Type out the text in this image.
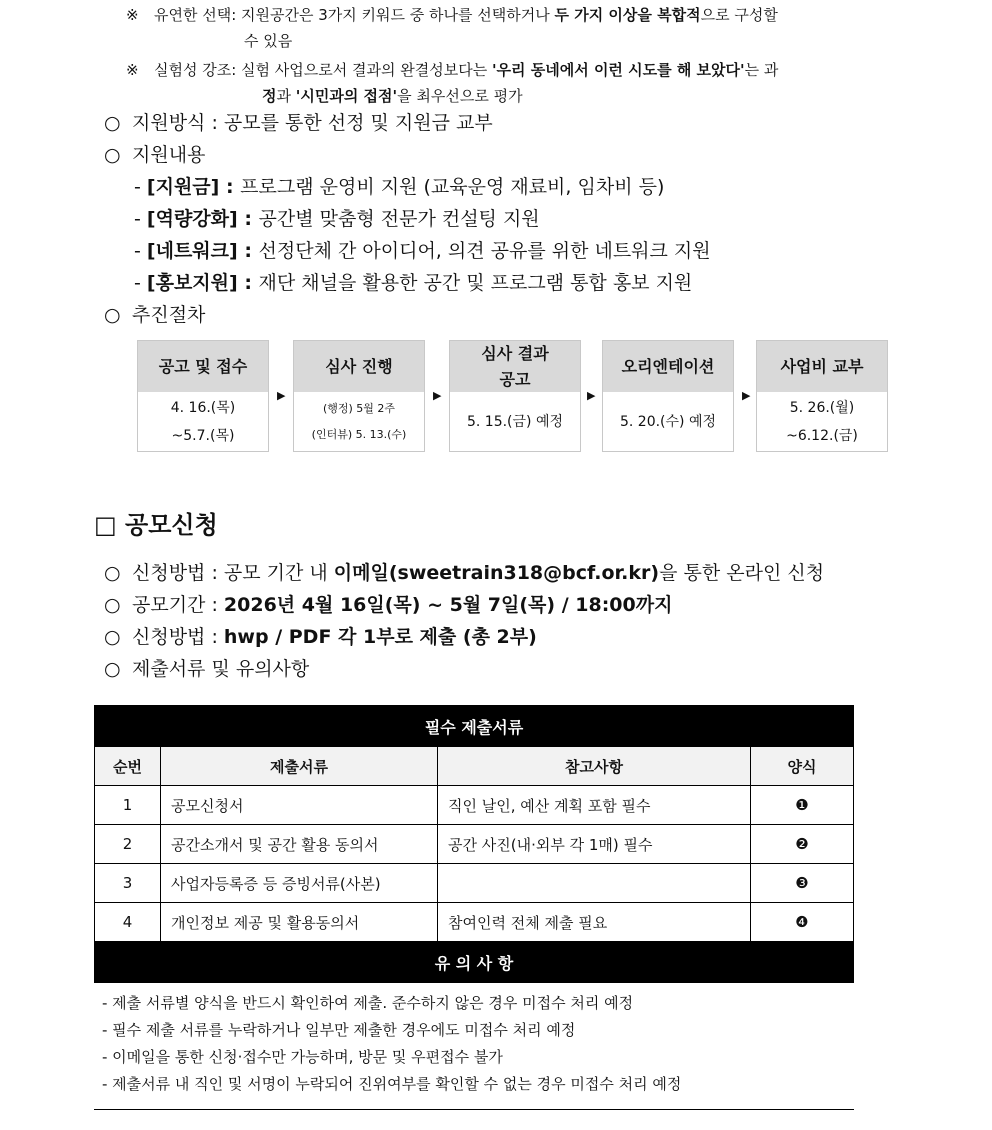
※ 유연한 선택: 지원공간은 3가지 키워드 중 하나를 선택하거나 두 가지 이상을 복합적으로 구성할
수 있음
※ 실험성 강조: 실험 사업으로서 결과의 완결성보다는 '우리 동네에서 이런 시도를 해 보았다'는 과
정과 '시민과의 접점'을 최우선으로 평가
○ 지원방식 : 공모를 통한 선정 및 지원금 교부
○ 지원내용
- [지원금] : 프로그램 운영비 지원 (교육운영 재료비, 임차비 등)
- [역량강화] : 공간별 맞춤형 전문가 컨설팅 지원
- [네트워크] : 선정단체 간 아이디어, 의견 공유를 위한 네트워크 지원
- [홍보지원] : 재단 채널을 활용한 공간 및 프로그램 통합 홍보 지원
○ 추진절차
공고 및 접수
4. 16.(목)
~5.7.(목)
▶
심사 진행
(행정) 5월 2주
(인터뷰) 5. 13.(수)
▶
심사 결과
공고
5. 15.(금) 예정
▶
오리엔테이션
5. 20.(수) 예정
▶
사업비 교부
5. 26.(월)
~6.12.(금)
□ 공모신청
○ 신청방법 : 공모 기간 내 이메일(sweetrain318@bcf.or.kr)을 통한 온라인 신청
○ 공모기간 : 2026년 4월 16일(목) ~ 5월 7일(목) / 18:00까지
○ 신청방법 : hwp / PDF 각 1부로 제출 (총 2부)
○ 제출서류 및 유의사항
필수 제출서류			
순번	제출서류	참고사항	양식
1	공모신청서	직인 날인, 예산 계획 포함 필수	❶
2	공간소개서 및 공간 활용 동의서	공간 사진(내·외부 각 1매) 필수	❷
3	사업자등록증 등 증빙서류(사본)		❸
4	개인정보 제공 및 활용동의서	참여인력 전체 제출 필요	❹
유 의 사 항			
- 제출 서류별 양식을 반드시 확인하여 제출. 준수하지 않은 경우 미접수 처리 예정
- 필수 제출 서류를 누락하거나 일부만 제출한 경우에도 미접수 처리 예정
- 이메일을 통한 신청·접수만 가능하며, 방문 및 우편접수 불가
- 제출서류 내 직인 및 서명이 누락되어 진위여부를 확인할 수 없는 경우 미접수 처리 예정
